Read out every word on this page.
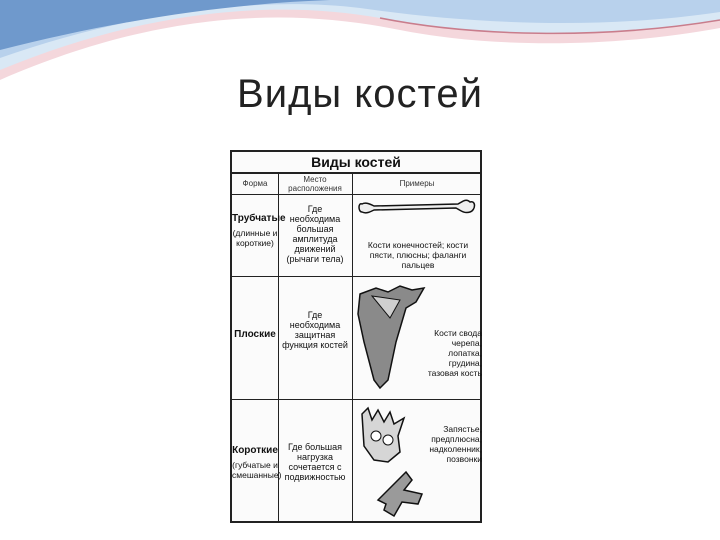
Виды костей
Виды костей
Форма	Место расположения
Примеры
Трубчатые
(длинные и короткие)
Где необходима большая амплитуда движений (рычаги тела)
Кости конечностей; кости пясти, плюсны; фаланги пальцев
Плоские
Где необходима защитная функция костей
Кости свода черепа, лопатка, грудина, тазовая кость
Короткие
(губчатые и смешанные)
Где большая нагрузка сочетается с подвижностью
Запястье, предплюсна, надколенник, позвонки
